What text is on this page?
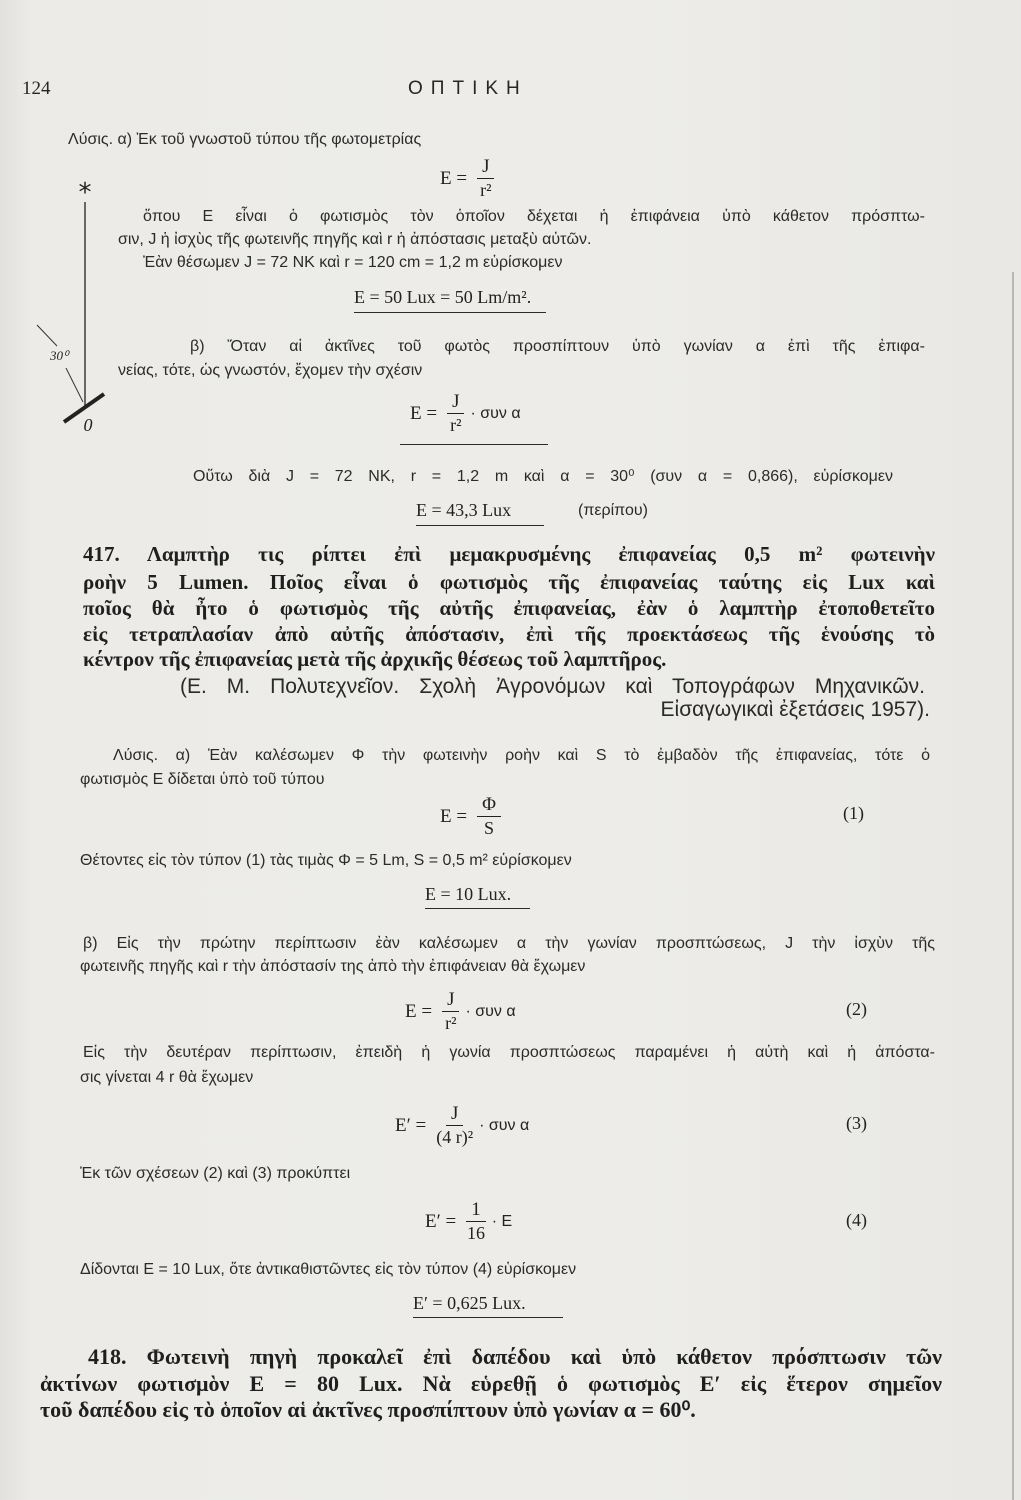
124	ΟΠΤΙΚΗ
*
30⁰
0
Λύσις. α) Ἐκ τοῦ γνωστοῦ τύπου τῆς φωτομετρίας
$E = \frac{J}{\text{r²}}$
ὅπου E εἶναι ὁ φωτισμὸς τὸν ὁποῖον δέχεται ἡ ἐπιφάνεια ὑπὸ κάθετον πρόσπτω-
σιν, J ἡ ἰσχὺς τῆς φωτεινῆς πηγῆς καὶ r ἡ ἀπόστασις μεταξὺ αὐτῶν.
Ἐὰν θέσωμεν J = 72 NK καὶ r = 120 cm = 1,2 m εὑρίσκομεν
E = 50 Lux = 50 Lm/m².
β) Ὅταν αἱ ἀκτῖνες τοῦ φωτὸς προσπίπτουν ὑπὸ γωνίαν α ἐπὶ τῆς ἐπιφα-
νείας, τότε, ὡς γνωστόν, ἔχομεν τὴν σχέσιν
$E = \frac{J}{\text{r²}} \cdot \sigma\upsilon\nu$ α
Οὕτω διὰ J = 72 NK, r = 1,2 m καὶ α = 30⁰ (συν α = 0,866), εὑρίσκομεν
E = 43,3 Lux	(περίπου)
417. Λαμπτὴρ τις ρίπτει ἐπὶ μεμακρυσμένης ἐπιφανείας 0,5 m² φωτεινὴν
ροὴν 5 Lumen. Ποῖος εἶναι ὁ φωτισμὸς τῆς ἐπιφανείας ταύτης εἰς Lux καὶ
ποῖος θὰ ἦτο ὁ φωτισμὸς τῆς αὐτῆς ἐπιφανείας, ἐὰν ὁ λαμπτὴρ ἐτοποθετεῖτο
εἰς τετραπλασίαν ἀπὸ αὐτῆς ἀπόστασιν, ἐπὶ τῆς προεκτάσεως τῆς ἑνούσης τὸ
κέντρον τῆς ἐπιφανείας μετὰ τῆς ἀρχικῆς θέσεως τοῦ λαμπτῆρος.
(Ε. Μ. Πολυτεχνεῖον. Σχολὴ Ἀγρονόμων καὶ Τοπογράφων Μηχανικῶν.
Εἰσαγωγικαὶ ἐξετάσεις 1957).
Λύσις. α) Ἐὰν καλέσωμεν Φ τὴν φωτεινὴν ροὴν καὶ S τὸ ἐμβαδὸν τῆς ἐπιφανείας, τότε ὁ
φωτισμὸς E δίδεται ὑπὸ τοῦ τύπου
$E = \frac{\Phi}{S}$	(1)
Θέτοντες εἰς τὸν τύπον (1) τὰς τιμὰς Φ = 5 Lm, S = 0,5 m² εὑρίσκομεν
E = 10 Lux.
β) Εἰς τὴν πρώτην περίπτωσιν ἐὰν καλέσωμεν α τὴν γωνίαν προσπτώσεως, J τὴν ἰσχὺν τῆς
φωτεινῆς πηγῆς καὶ r τὴν ἀπόστασίν της ἀπὸ τὴν ἐπιφάνειαν θὰ ἔχωμεν
$E = \frac{J}{\text{r²}} \cdot \sigma\upsilon\nu$ α	(2)
Εἰς τὴν δευτέραν περίπτωσιν, ἐπειδὴ ἡ γωνία προσπτώσεως παραμένει ἡ αὐτὴ καὶ ἡ ἀπόστα-
σις γίνεται 4 r θὰ ἔχωμεν
$E' = \frac{J}{\text{(4 r)²}} \cdot \sigma\upsilon\nu$ α	(3)
Ἐκ τῶν σχέσεων (2) καὶ (3) προκύπτει
$E' = \frac{1}{16} \cdot E$	(4)
Δίδονται E = 10 Lux, ὅτε ἀντικαθιστῶντες εἰς τὸν τύπον (4) εὑρίσκομεν
E′ = 0,625 Lux.
418. Φωτεινὴ πηγὴ προκαλεῖ ἐπὶ δαπέδου καὶ ὑπὸ κάθετον πρόσπτωσιν τῶν
ἀκτίνων φωτισμὸν E = 80 Lux. Νὰ εὑρεθῇ ὁ φωτισμὸς E′ εἰς ἕτερον σημεῖον
τοῦ δαπέδου εἰς τὸ ὁποῖον αἱ ἀκτῖνες προσπίπτουν ὑπὸ γωνίαν α = 60⁰.
